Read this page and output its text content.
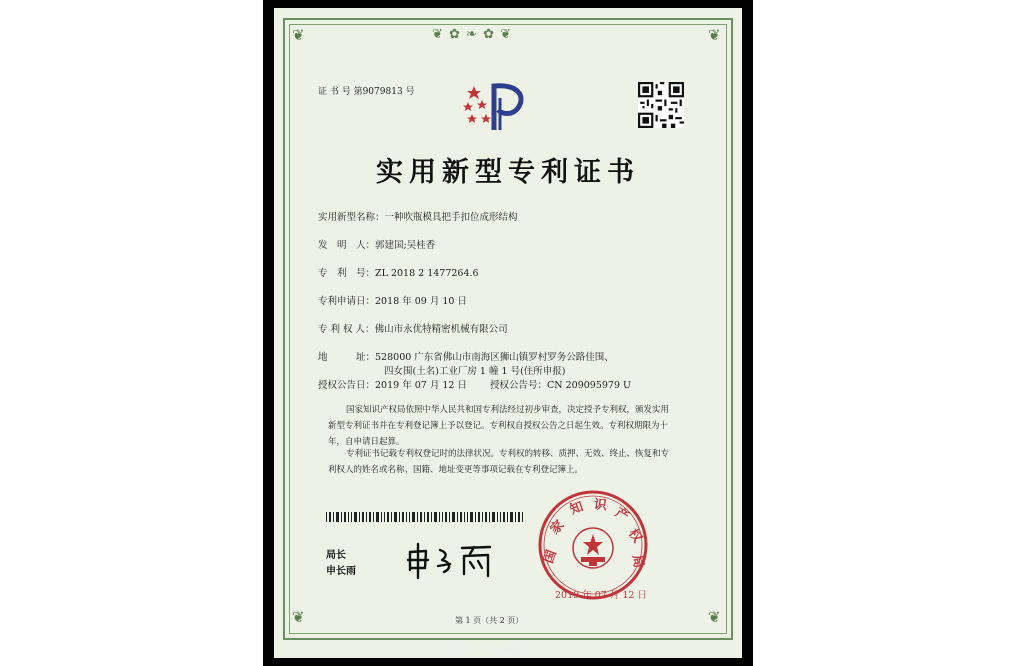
❦ ✿ ❧ ✿ ❦
❦	❦
❦	❦
证 书 号 第9079813 号
实用新型专利证书
实用新型名称：一种吹瓶模具把手扣位成形结构
发　明　人：郭建国;吴桂香
专　利　号：ZL 2018 2 1477264.6
专利申请日：2018 年 09 月 10 日
专 利 权 人：佛山市永优特精密机械有限公司
地　　　址：528000 广东省佛山市南海区狮山镇罗村罗务公路佳围、
四女围(土名)工业厂房 1 幢 1 号(住所申报)
授权公告日：2019 年 07 月 12 日 授权公告号：CN 209095979 U
国家知识产权局依照中华人民共和国专利法经过初步审查，决定授予专利权，颁发实用新型专利证书并在专利登记簿上予以登记。专利权自授权公告之日起生效。专利权期限为十年，自申请日起算。
专利证书记载专利权登记时的法律状况。专利权的转移、质押、无效、终止、恢复和专利权人的姓名或名称、国籍、地址变更等事项记载在专利登记簿上。
局长
申长雨
国
家
知 识 产
权
局
2019 年 07 月 12 日
第 1 页（共 2 页）
其他事项参见背面
